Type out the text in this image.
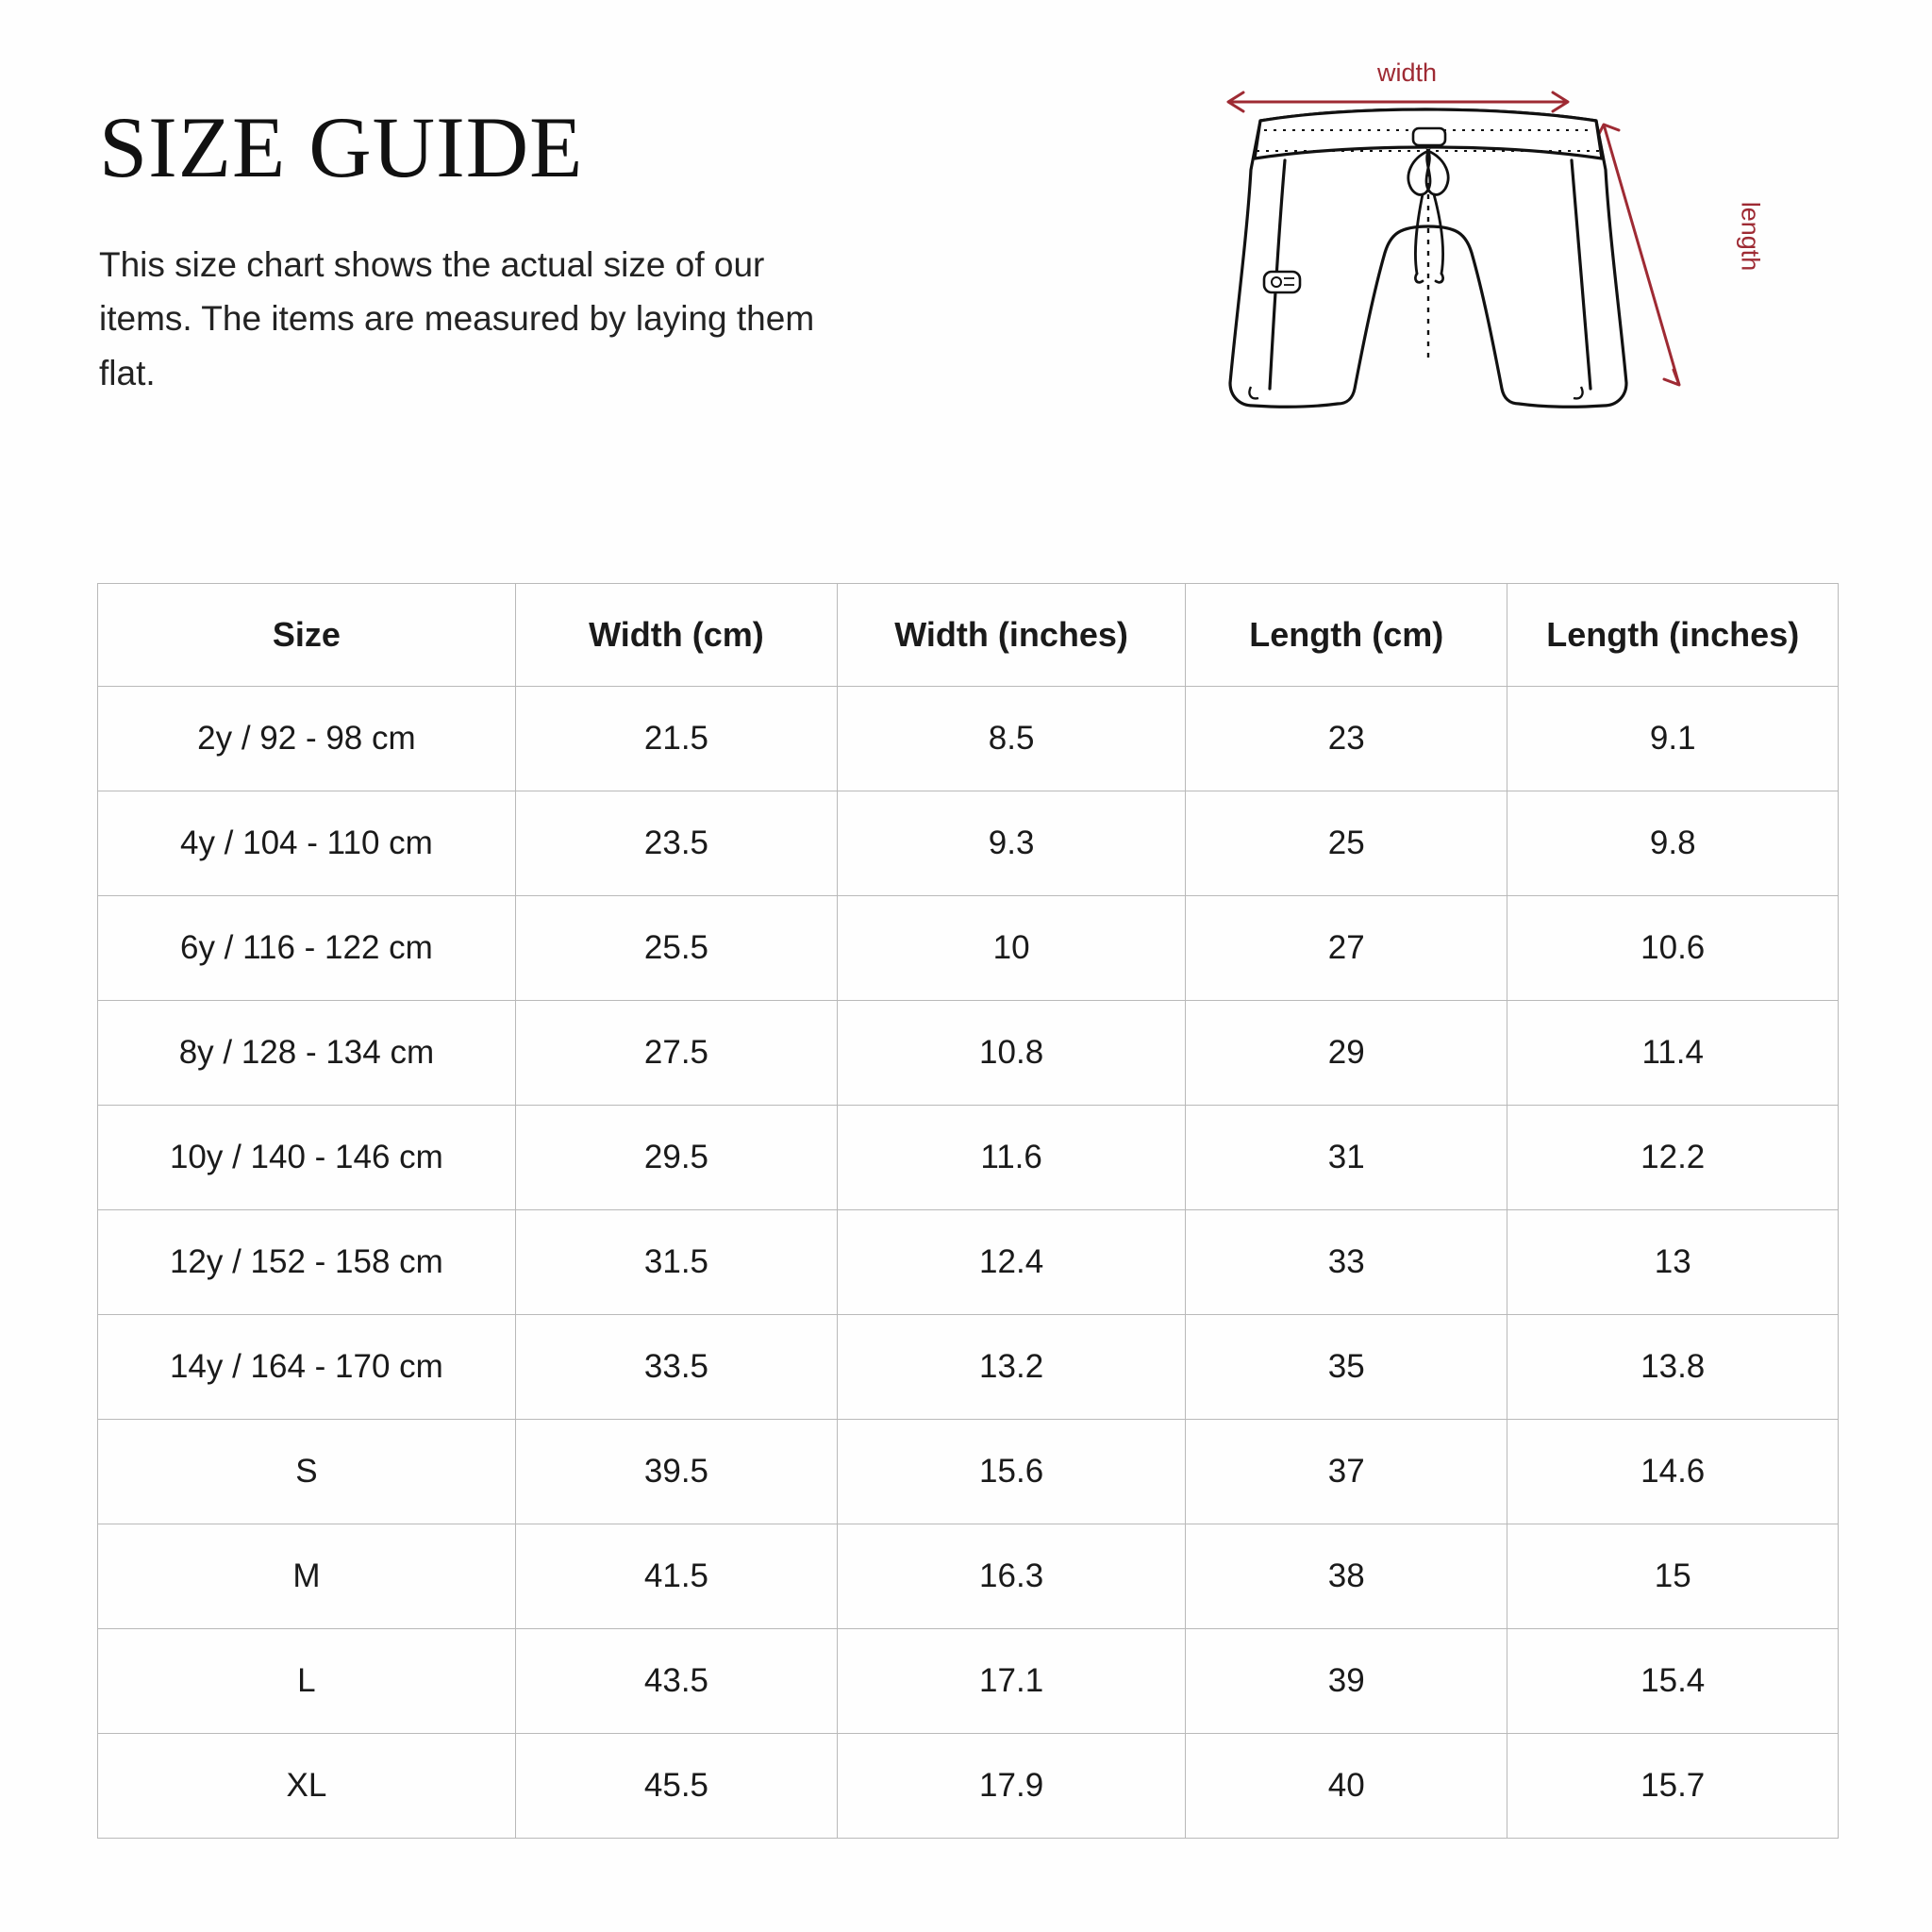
SIZE GUIDE
This size chart shows the actual size of our items. The items are measured by laying them flat.
width
length
Size	Width (cm)	Width (inches)	Length (cm)	Length (inches)
2y / 92 - 98 cm	21.5	8.5	23	9.1
4y / 104 - 110 cm	23.5	9.3	25	9.8
6y / 116 - 122 cm	25.5	10	27	10.6
8y / 128 - 134 cm	27.5	10.8	29	11.4
10y / 140 - 146 cm	29.5	11.6	31	12.2
12y / 152 - 158 cm	31.5	12.4	33	13
14y / 164 - 170 cm	33.5	13.2	35	13.8
S	39.5	15.6	37	14.6
M	41.5	16.3	38	15
L	43.5	17.1	39	15.4
XL	45.5	17.9	40	15.7
